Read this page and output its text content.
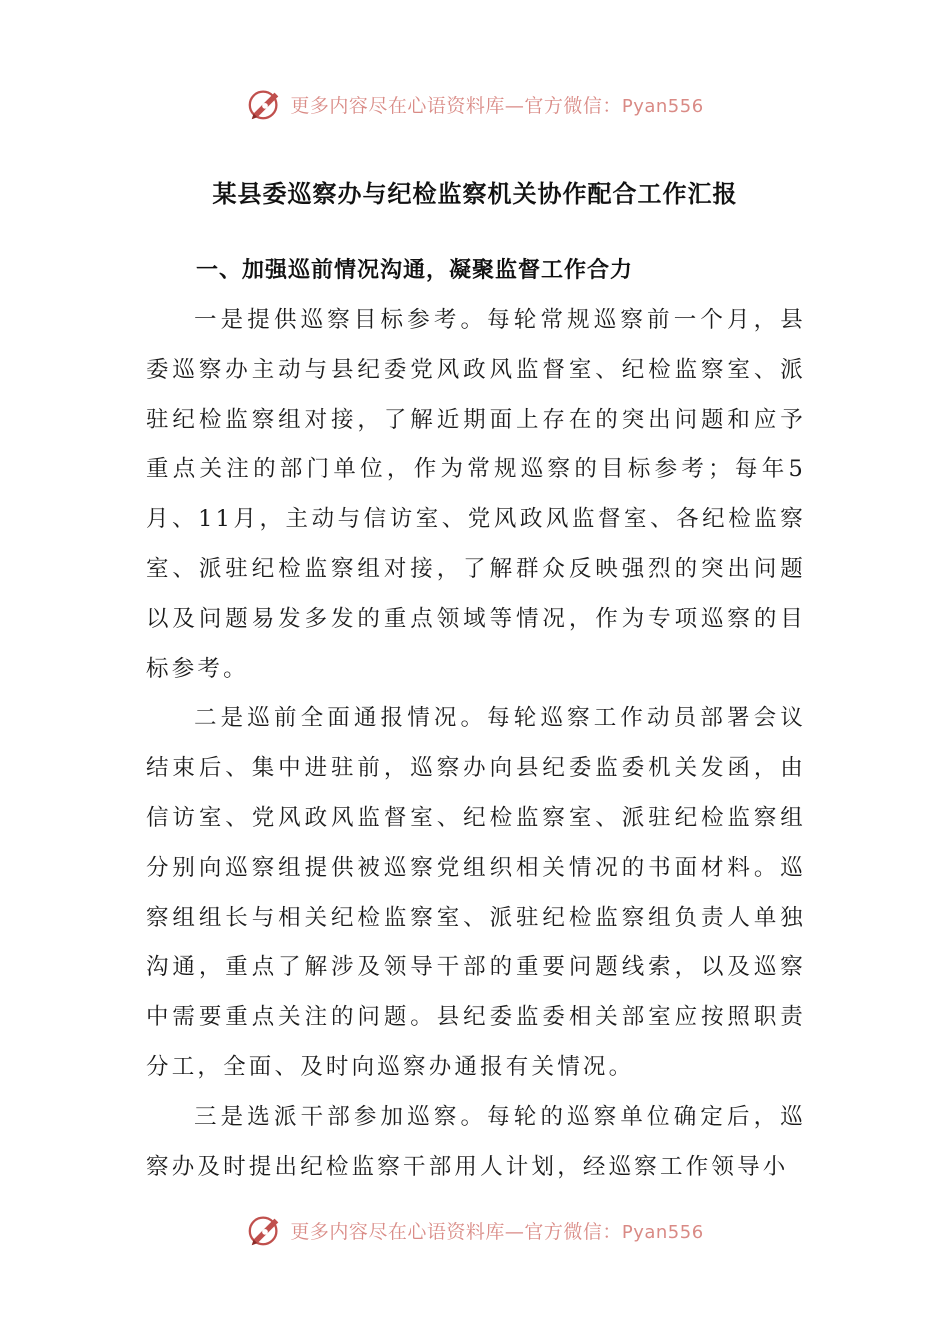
更多内容尽在心语资料库—官方微信：Pyan556
某县委巡察办与纪检监察机关协作配合工作汇报

一、加强巡前情况沟通，凝聚监督工作合力

一是提供巡察目标参考。每轮常规巡察前一个月，县委巡察办主动与县纪委党风政风监督室、纪检监察室、派驻纪检监察组对接，了解近期面上存在的突出问题和应予重点关注的部门单位，作为常规巡察的目标参考；每年5月、11月，主动与信访室、党风政风监督室、各纪检监察室、派驻纪检监察组对接，了解群众反映强烈的突出问题以及问题易发多发的重点领域等情况，作为专项巡察的目标参考。

二是巡前全面通报情况。每轮巡察工作动员部署会议结束后、集中进驻前，巡察办向县纪委监委机关发函，由信访室、党风政风监督室、纪检监察室、派驻纪检监察组分别向巡察组提供被巡察党组织相关情况的书面材料。巡察组组长与相关纪检监察室、派驻纪检监察组负责人单独沟通，重点了解涉及领导干部的重要问题线索，以及巡察中需要重点关注的问题。县纪委监委相关部室应按照职责分工，全面、及时向巡察办通报有关情况。

三是选派干部参加巡察。每轮的巡察单位确定后，巡察办及时提出纪检监察干部用人计划，经巡察工作领导小

更多内容尽在心语资料库—官方微信：Pyan556
